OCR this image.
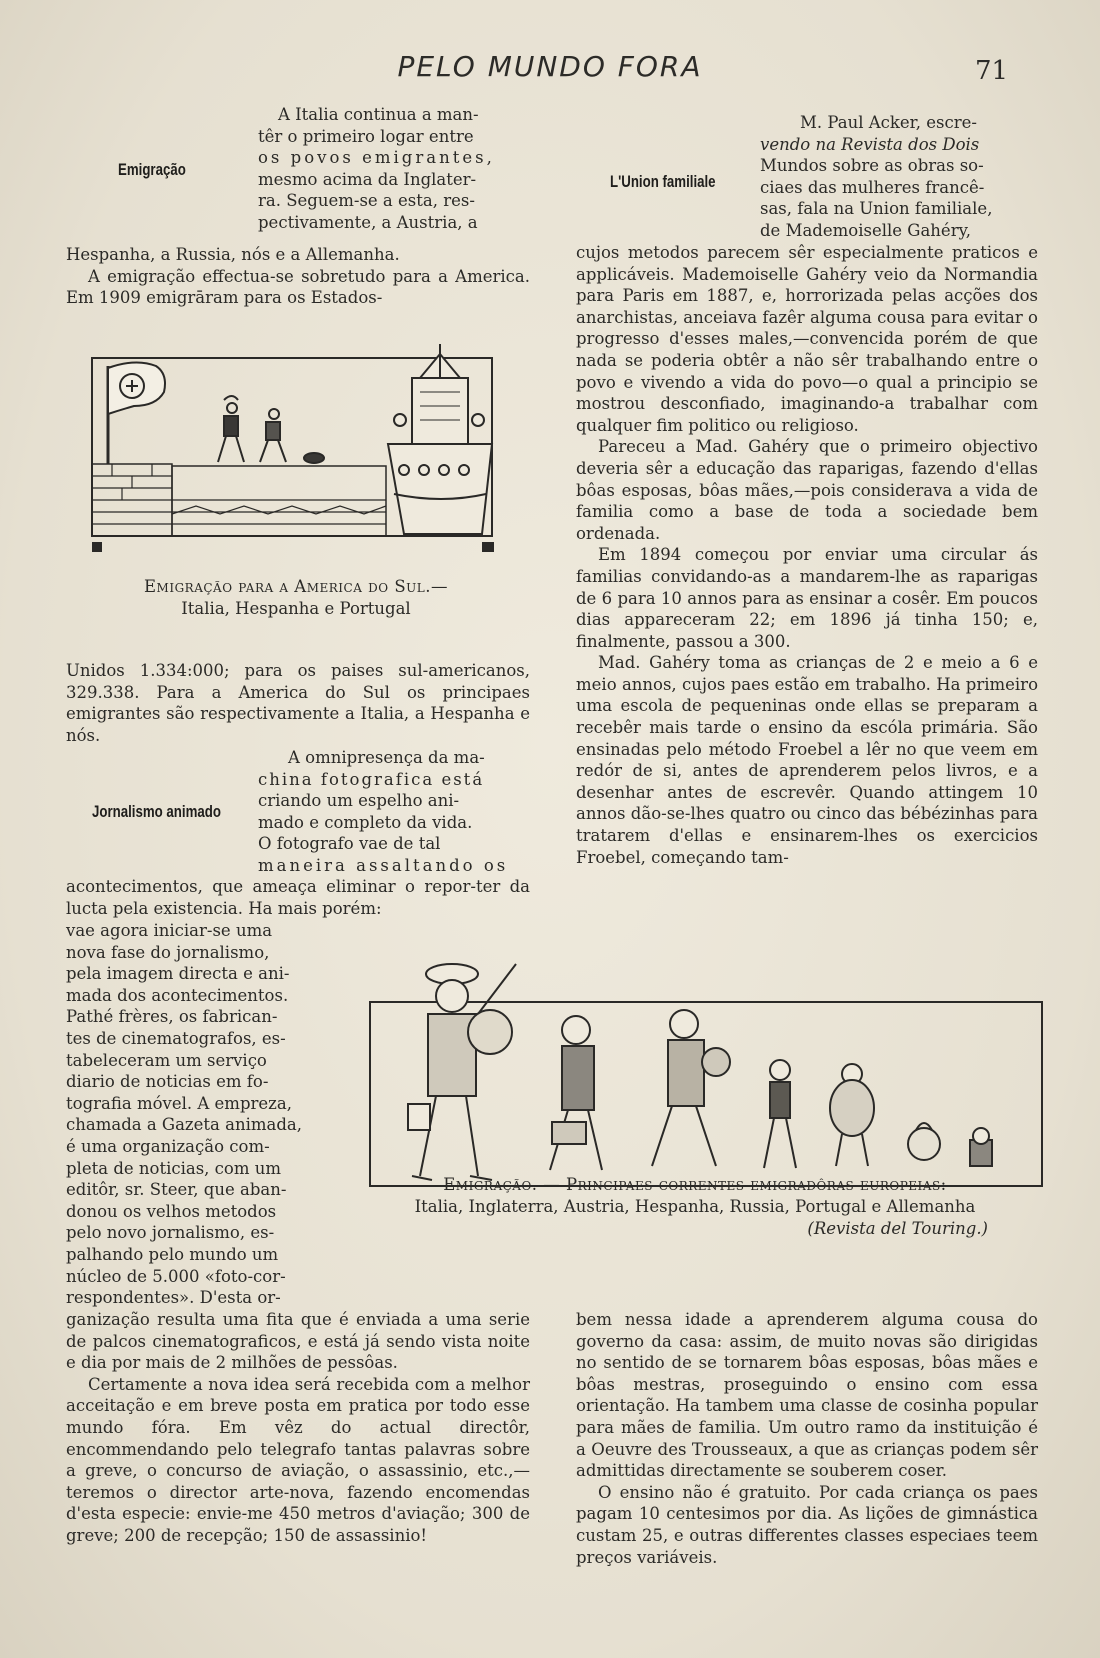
PELO MUNDO FORA	71
Emigração
A Italia continua a man-
têr o primeiro logar entre
os povos emigrantes,
mesmo acima da Inglater-
ra. Seguem-se a esta, res-
pectivamente, a Austria, a

Hespanha, a Russia, nós e a Allemanha.

A emigração effectua-se sobretudo para a America. Em 1909 emigrāram para os Estados-

Emigração para a America do Sul.—
Italia, Hespanha e Portugal

Unidos 1.334:000; para os paises sul-americanos, 329.338. Para a America do Sul os principaes emigrantes são respectivamente a Italia, a Hespanha e nós.

Jornalismo animado
A omnipresença da ma-
china fotografica está
criando um espelho ani-
mado e completo da vida.
O fotografo vae de tal
maneira assaltando os

acontecimentos, que ameaça eliminar o repor-ter da lucta pela existencia. Ha mais porém:

vae agora iniciar-se uma
nova fase do jornalismo,
pela imagem directa e ani-
mada dos acontecimentos.
Pathé frères, os fabrican-
tes de cinematografos, es-
tabeleceram um serviço
diario de noticias em fo-
tografia móvel. A empreza,
chamada a Gazeta animada,
é uma organização com-
pleta de noticias, com um
editôr, sr. Steer, que aban-
donou os velhos metodos
pelo novo jornalismo, es-
palhando pelo mundo um
núcleo de 5.000 «foto-cor-
respondentes». D'esta or-

ganização resulta uma fita que é enviada a uma serie de palcos cinematograficos, e está já sendo vista noite e dia por mais de 2 milhões de pessôas.

Certamente a nova idea será recebida com a melhor acceitação e em breve posta em pratica por todo esse mundo fóra. Em vêz do actual directôr, encommendando pelo telegrafo tantas palavras sobre a greve, o concurso de aviação, o assassinio, etc.,—teremos o director arte-nova, fazendo encomendas d'esta especie: envie-me 450 metros d'aviação; 300 de greve; 200 de recepção; 150 de assassinio!

L'Union familiale
M. Paul Acker, escre-
vendo na Revista dos Dois
Mundos sobre as obras so-
ciaes das mulheres francê-
sas, fala na Union familiale,
de Mademoiselle Gahéry,

cujos metodos parecem sêr especialmente praticos e applicáveis. Mademoiselle Gahéry veio da Normandia para Paris em 1887, e, horrorizada pelas acções dos anarchistas, anceiava fazêr alguma cousa para evitar o progresso d'esses males,—convencida porém de que nada se poderia obtêr a não sêr trabalhando entre o povo e vivendo a vida do povo—o qual a principio se mostrou desconfiado, imaginando-a trabalhar com qualquer fim politico ou religioso.

Pareceu a Mad. Gahéry que o primeiro objectivo deveria sêr a educação das raparigas, fazendo d'ellas bôas esposas, bôas mães,—pois considerava a vida de familia como a base de toda a sociedade bem ordenada.

Em 1894 começou por enviar uma circular ás familias convidando-as a mandarem-lhe as raparigas de 6 para 10 annos para as ensinar a cosêr. Em poucos dias appareceram 22; em 1896 já tinha 150; e, finalmente, passou a 300.

Mad. Gahéry toma as crianças de 2 e meio a 6 e meio annos, cujos paes estão em trabalho. Ha primeiro uma escola de pequeninas onde ellas se preparam a recebêr mais tarde o ensino da escóla primária. São ensinadas pelo método Froebel a lêr no que veem em redór de si, antes de aprenderem pelos livros, e a desenhar antes de escrevêr. Quando attingem 10 annos dão-se-lhes quatro ou cinco das bébézinhas para tratarem d'ellas e ensinarem-lhes os exercicios Froebel, começando tam-

Emigração. — Principaes correntes emigradôras europeias:
Italia, Inglaterra, Austria, Hespanha, Russia, Portugal e Allemanha
(Revista del Touring.)

bem nessa idade a aprenderem alguma cousa do governo da casa: assim, de muito novas são dirigidas no sentido de se tornarem bôas esposas, bôas mães e bôas mestras, proseguindo o ensino com essa orientação. Ha tambem uma classe de cosinha popular para mães de familia. Um outro ramo da instituição é a Oeuvre des Trousseaux, a que as crianças podem sêr admittidas directamente se souberem coser.

O ensino não é gratuito. Por cada criança os paes pagam 10 centesimos por dia. As lições de gimnástica custam 25, e outras differentes classes especiaes teem preços variáveis.
